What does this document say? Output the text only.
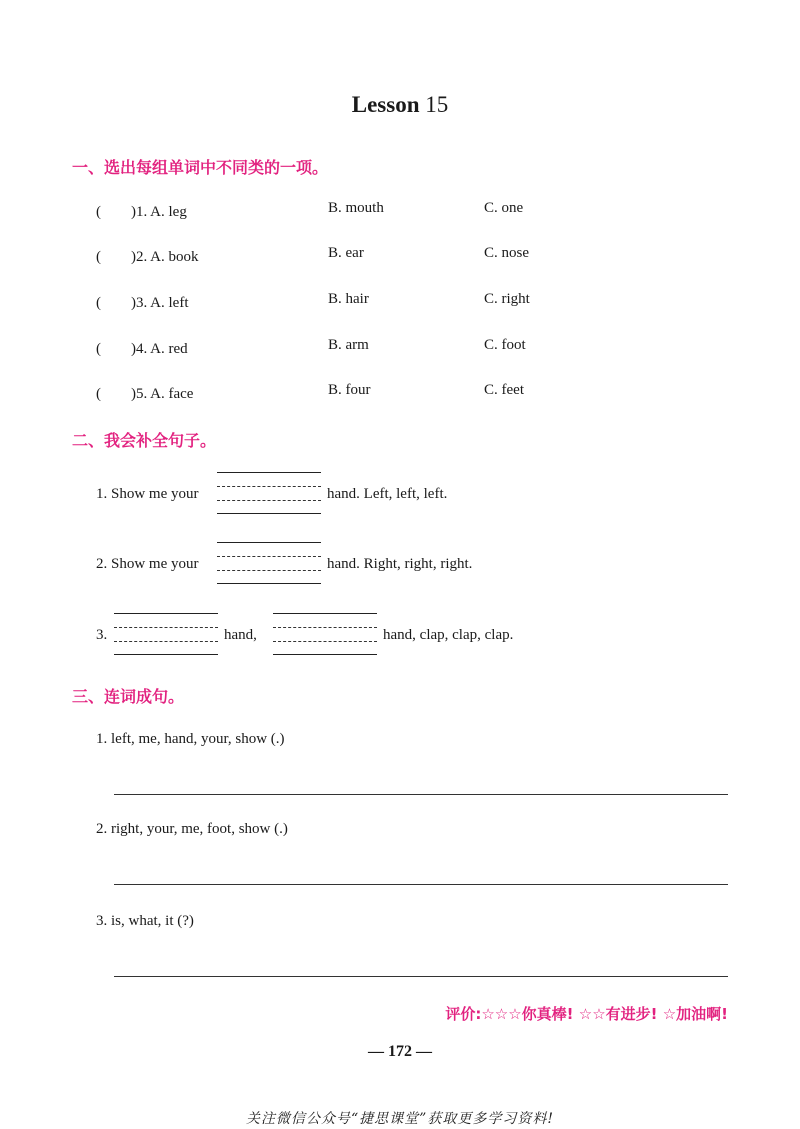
Lesson 15
一、选出每组单词中不同类的一项。
(　　)1. A. leg	B. mouth	C. one
(　　)2. A. book	B. ear	C. nose
(　　)3. A. left	B. hair	C. right
(　　)4. A. red	B. arm	C. foot
(　　)5. A. face	B. four	C. feet
二、我会补全句子。
1. Show me your	hand. Left, left, left.
2. Show me your	hand. Right, right, right.
3.	hand,	hand, clap, clap, clap.
三、连词成句。
1. left, me, hand, your, show (.)
2. right, your, me, foot, show (.)
3. is, what, it (?)
评价:☆☆☆你真棒! ☆☆有进步! ☆加油啊!
— 172 —
关注微信公众号“捷思课堂”获取更多学习资料!
